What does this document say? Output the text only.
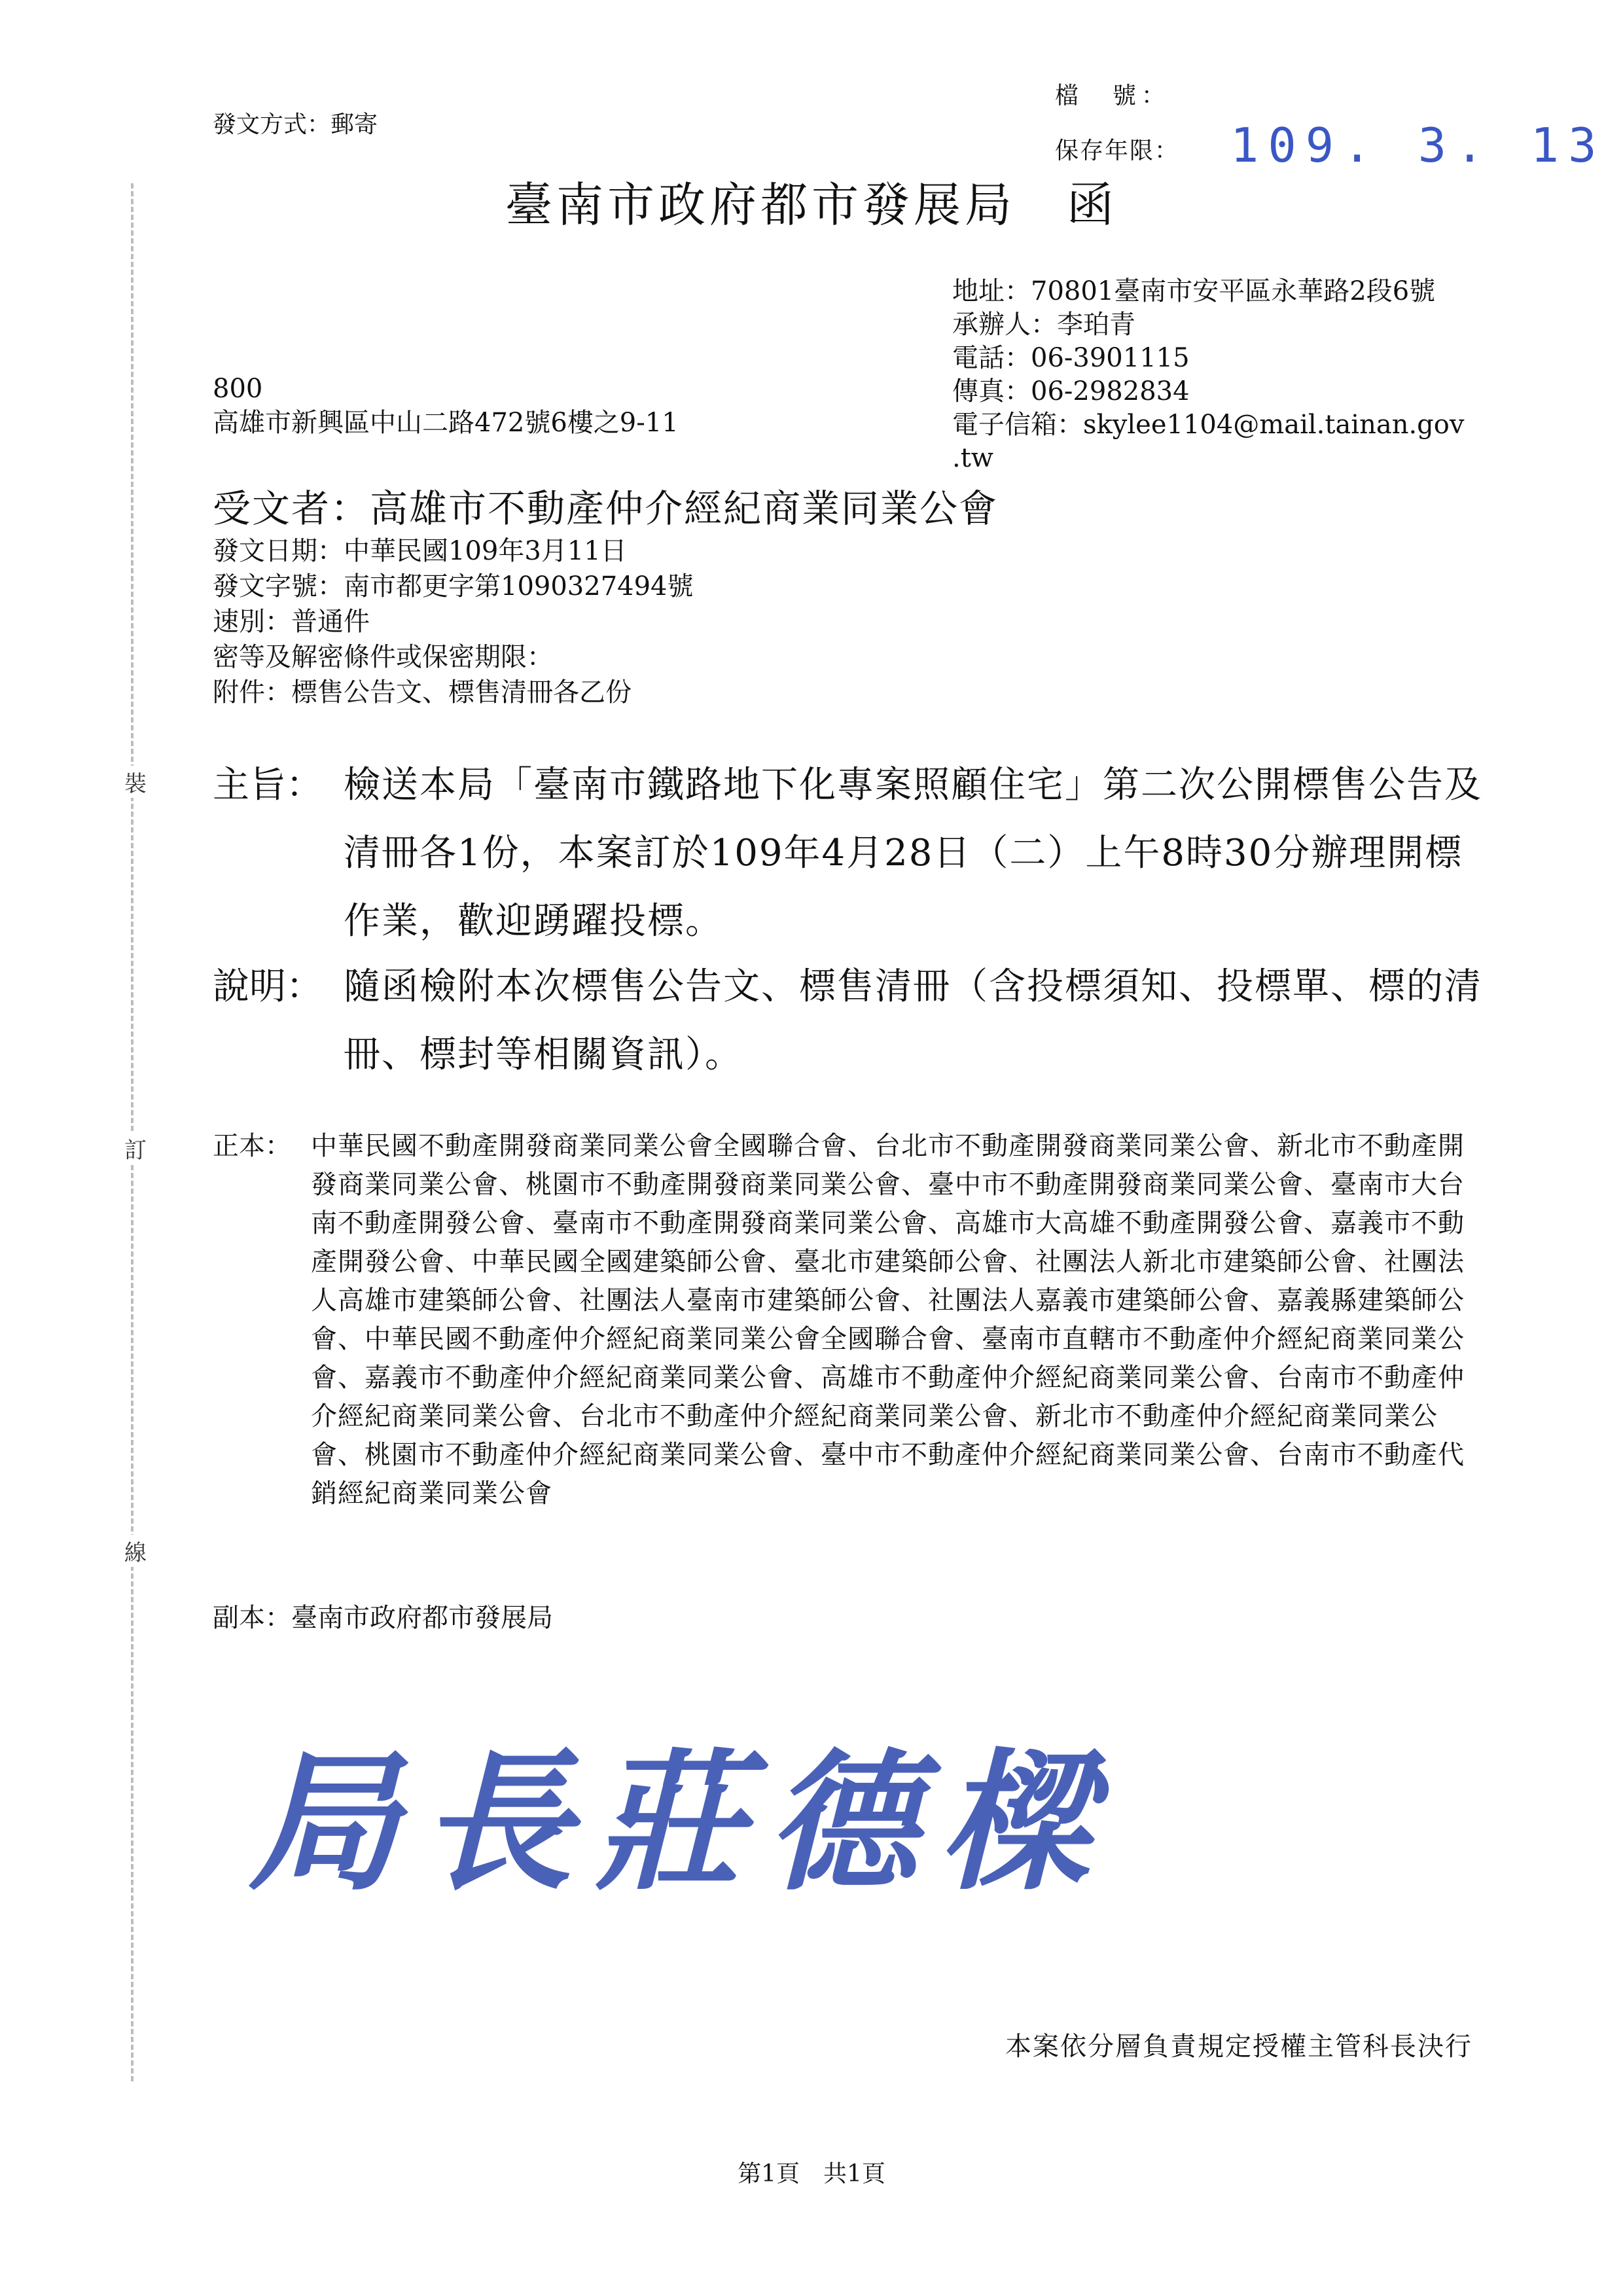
裝
訂
線
發文方式：郵寄
檔　號：
保存年限： 109. 3. 13
臺南市政府都市發展局　函
地址：70801臺南市安平區永華路2段6號
承辦人：李珀青
電話：06-3901115
傳真：06-2982834
電子信箱：skylee1104@mail.tainan.gov
.tw
800
高雄市新興區中山二路472號6樓之9-11
受文者：高雄市不動產仲介經紀商業同業公會
發文日期：中華民國109年3月11日
發文字號：南市都更字第1090327494號
速別：普通件
密等及解密條件或保密期限：
附件：標售公告文、標售清冊各乙份
主旨： 檢送本局「臺南市鐵路地下化專案照顧住宅」第二次公開標售公告及清冊各1份，本案訂於109年4月28日（二）上午8時30分辦理開標作業，歡迎踴躍投標。
說明： 隨函檢附本次標售公告文、標售清冊（含投標須知、投標單、標的清冊、標封等相關資訊）。
正本： 中華民國不動產開發商業同業公會全國聯合會、台北市不動產開發商業同業公會、新北市不動產開發商業同業公會、桃園市不動產開發商業同業公會、臺中市不動產開發商業同業公會、臺南市大台南不動產開發公會、臺南市不動產開發商業同業公會、高雄市大高雄不動產開發公會、嘉義市不動產開發公會、中華民國全國建築師公會、臺北市建築師公會、社團法人新北市建築師公會、社團法人高雄市建築師公會、社團法人臺南市建築師公會、社團法人嘉義市建築師公會、嘉義縣建築師公會、中華民國不動產仲介經紀商業同業公會全國聯合會、臺南市直轄市不動產仲介經紀商業同業公會、嘉義市不動產仲介經紀商業同業公會、高雄市不動產仲介經紀商業同業公會、台南市不動產仲介經紀商業同業公會、台北市不動產仲介經紀商業同業公會、新北市不動產仲介經紀商業同業公會、桃園市不動產仲介經紀商業同業公會、臺中市不動產仲介經紀商業同業公會、台南市不動產代銷經紀商業同業公會
副本：臺南市政府都市發展局
局長莊德樑
本案依分層負責規定授權主管科長決行
第1頁　共1頁
